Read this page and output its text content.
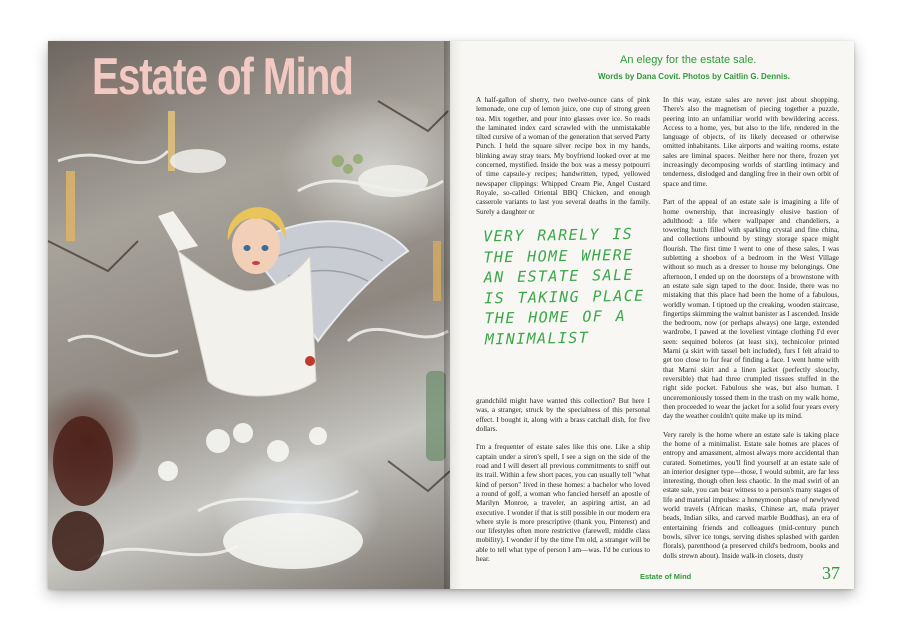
Estate of Mind	An elegy for the estate sale.
Words by Dana Covit. Photos by Caitlin G. Dennis.

A half-gallon of sherry, two twelve-ounce cans of pink lemonade, one cup of lemon juice, one cup of strong green tea. Mix together, and pour into glasses over ice. So reads the laminated index card scrawled with the unmistakable tilted cursive of a woman of the generation that served Party Punch. I held the square silver recipe box in my hands, blinking away stray tears. My boyfriend looked over at me concerned, mystified. Inside the box was a messy potpourri of time capsule-y recipes; handwritten, typed, yellowed newspaper clippings: Whipped Cream Pie, Angel Custard Royale, so-called Oriental BBQ Chicken, and enough casserole variants to last you several deaths in the family. Surely a daughter or

VERY RARELY IS THE HOME WHERE AN ESTATE SALE IS TAKING PLACE THE HOME OF A MINIMALIST

grandchild might have wanted this collection? But here I was, a stranger, struck by the specialness of this personal effect. I bought it, along with a brass catchall dish, for five dollars.

I'm a frequenter of estate sales like this one. Like a ship captain under a siren's spell, I see a sign on the side of the road and I will desert all previous commitments to sniff out its trail. Within a few short paces, you can usually tell "what kind of person" lived in these homes: a bachelor who loved a round of golf, a woman who fancied herself an apostle of Marilyn Monroe, a traveler, an aspiring artist, an ad executive. I wonder if that is still possible in our modern era where style is more prescriptive (thank you, Pinterest) and our lifestyles often more restrictive (farewell, middle class mobility). I wonder if by the time I'm old, a stranger will be able to tell what type of person I am—was. I'd be curious to hear.

In this way, estate sales are never just about shopping. There's also the magnetism of piecing together a puzzle, peering into an unfamiliar world with bewildering access. Access to a home, yes, but also to the life, rendered in the language of objects, of its likely deceased or otherwise omitted inhabitants. Like airports and waiting rooms, estate sales are liminal spaces. Neither here nor there, frozen yet increasingly decomposing worlds of startling intimacy and tenderness, dislodged and dangling free in their own orbit of space and time.

Part of the appeal of an estate sale is imagining a life of home ownership, that increasingly elusive bastion of adulthood: a life where wallpaper and chandeliers, a towering hutch filled with sparkling crystal and fine china, and collections unbound by stingy storage space might flourish. The first time I went to one of these sales, I was subletting a shoebox of a bedroom in the West Village without so much as a dresser to house my belongings. One afternoon, I ended up on the doorsteps of a brownstone with an estate sale sign taped to the door. Inside, there was no mistaking that this place had been the home of a fabulous, worldly woman. I tiptoed up the creaking, wooden staircase, fingertips skimming the walnut banister as I ascended. Inside the bedroom, now (or perhaps always) one large, extended wardrobe, I pawed at the loveliest vintage clothing I'd ever seen: sequined boleros (at least six), technicolor printed Marni (a skirt with tassel belt included), furs I felt afraid to get too close to for fear of finding a face. I went home with that Marni skirt and a linen jacket (perfectly slouchy, reversible) that had three crumpled tissues stuffed in the right side pocket. Fabulous she was, but also human. I unceremoniously tossed them in the trash on my walk home, then proceeded to wear the jacket for a solid four years every day the weather couldn't quite make up its mind.

Very rarely is the home where an estate sale is taking place the home of a minimalist. Estate sale homes are places of entropy and amassment, almost always more accidental than curated. Sometimes, you'll find yourself at an estate sale of an interior designer type—those, I would submit, are far less interesting, though often less chaotic. In the mad swirl of an estate sale, you can bear witness to a person's many stages of life and material impulses: a honeymoon phase of newlywed world travels (African masks, Chinese art, mala prayer beads, Indian silks, and carved marble Buddhas), an era of entertaining friends and colleagues (mid-century punch bowls, silver ice tongs, serving dishes splashed with garden florals), parenthood (a preserved child's bedroom, books and dolls strewn about). Inside walk-in closets, dusty

Estate of Mind	37
